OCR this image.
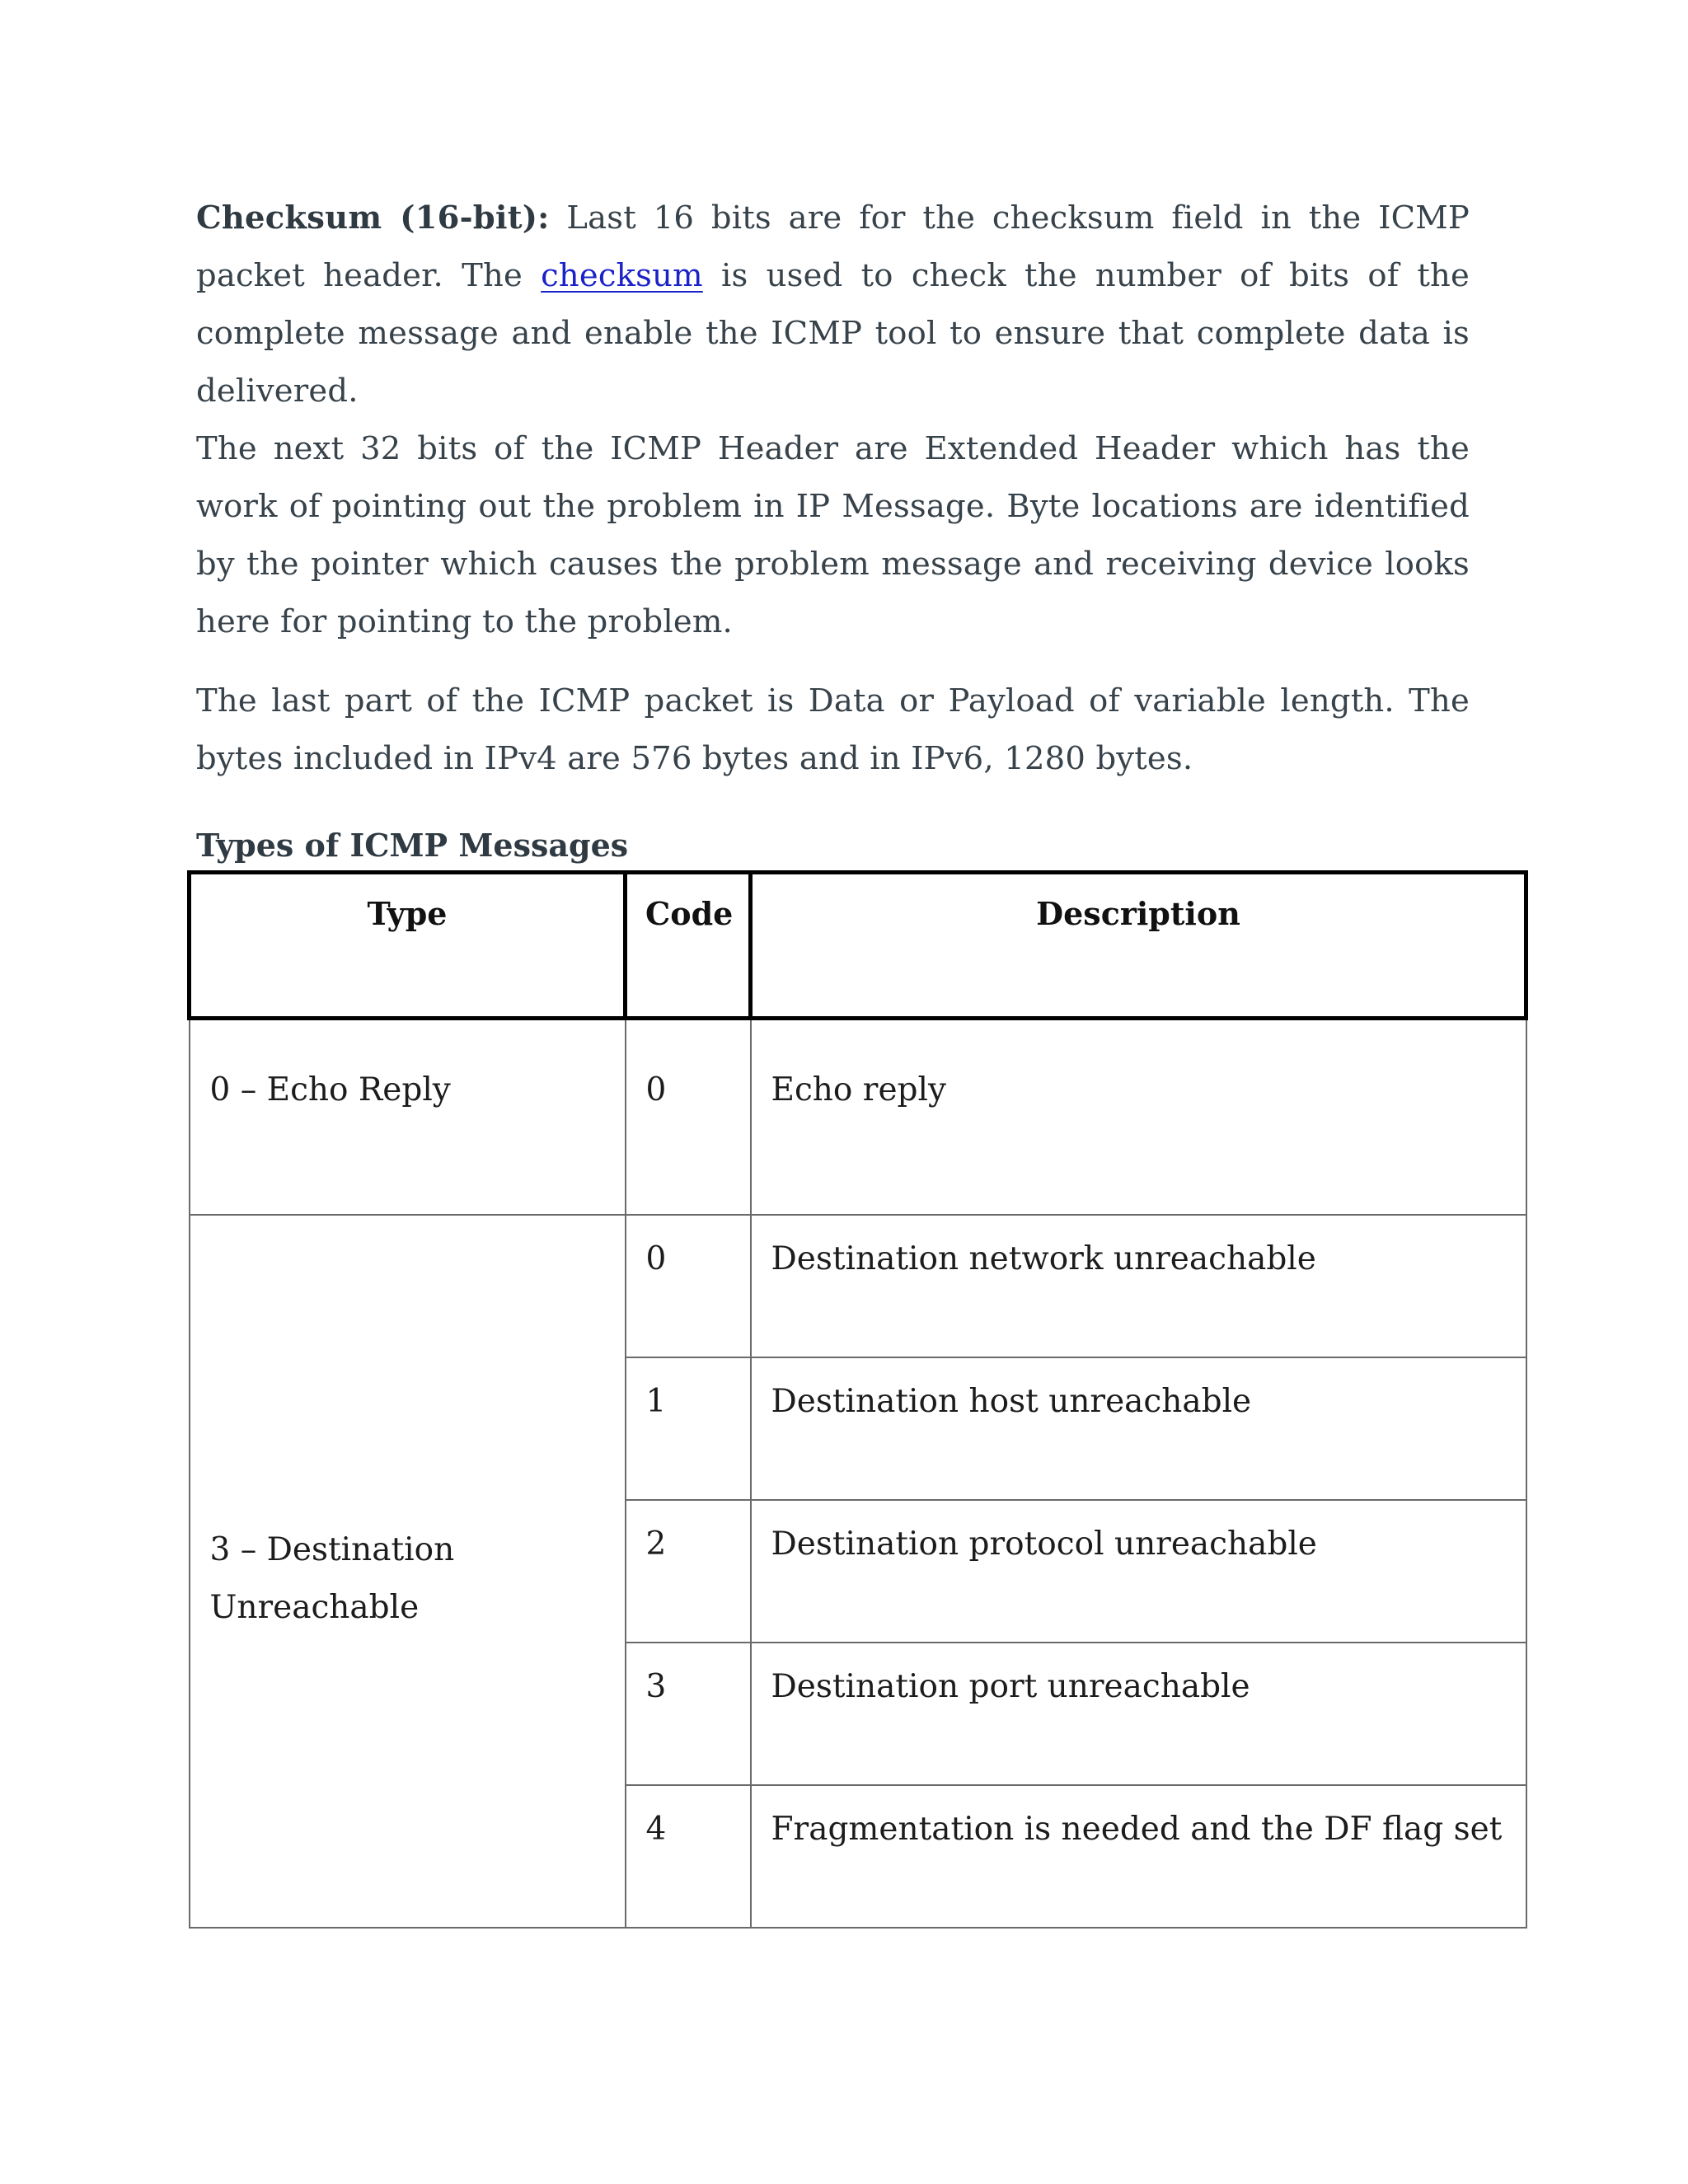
Checksum (16-bit): Last 16 bits are for the checksum field in the ICMP packet header. The checksum is used to check the number of bits of the complete message and enable the ICMP tool to ensure that complete data is delivered.

The next 32 bits of the ICMP Header are Extended Header which has the work of pointing out the problem in IP Message. Byte locations are identified by the pointer which causes the problem message and receiving device looks here for pointing to the problem.

The last part of the ICMP packet is Data or Payload of variable length. The bytes included in IPv4 are 576 bytes and in IPv6, 1280 bytes.

Types of ICMP Messages
Type	Code	Description
0 – Echo Reply	0	Echo reply

3 – Destination Unreachable	0	Destination network unreachable
	1	Destination host unreachable
	2	Destination protocol unreachable
	3	Destination port unreachable
	4	Fragmentation is needed and the DF flag set
